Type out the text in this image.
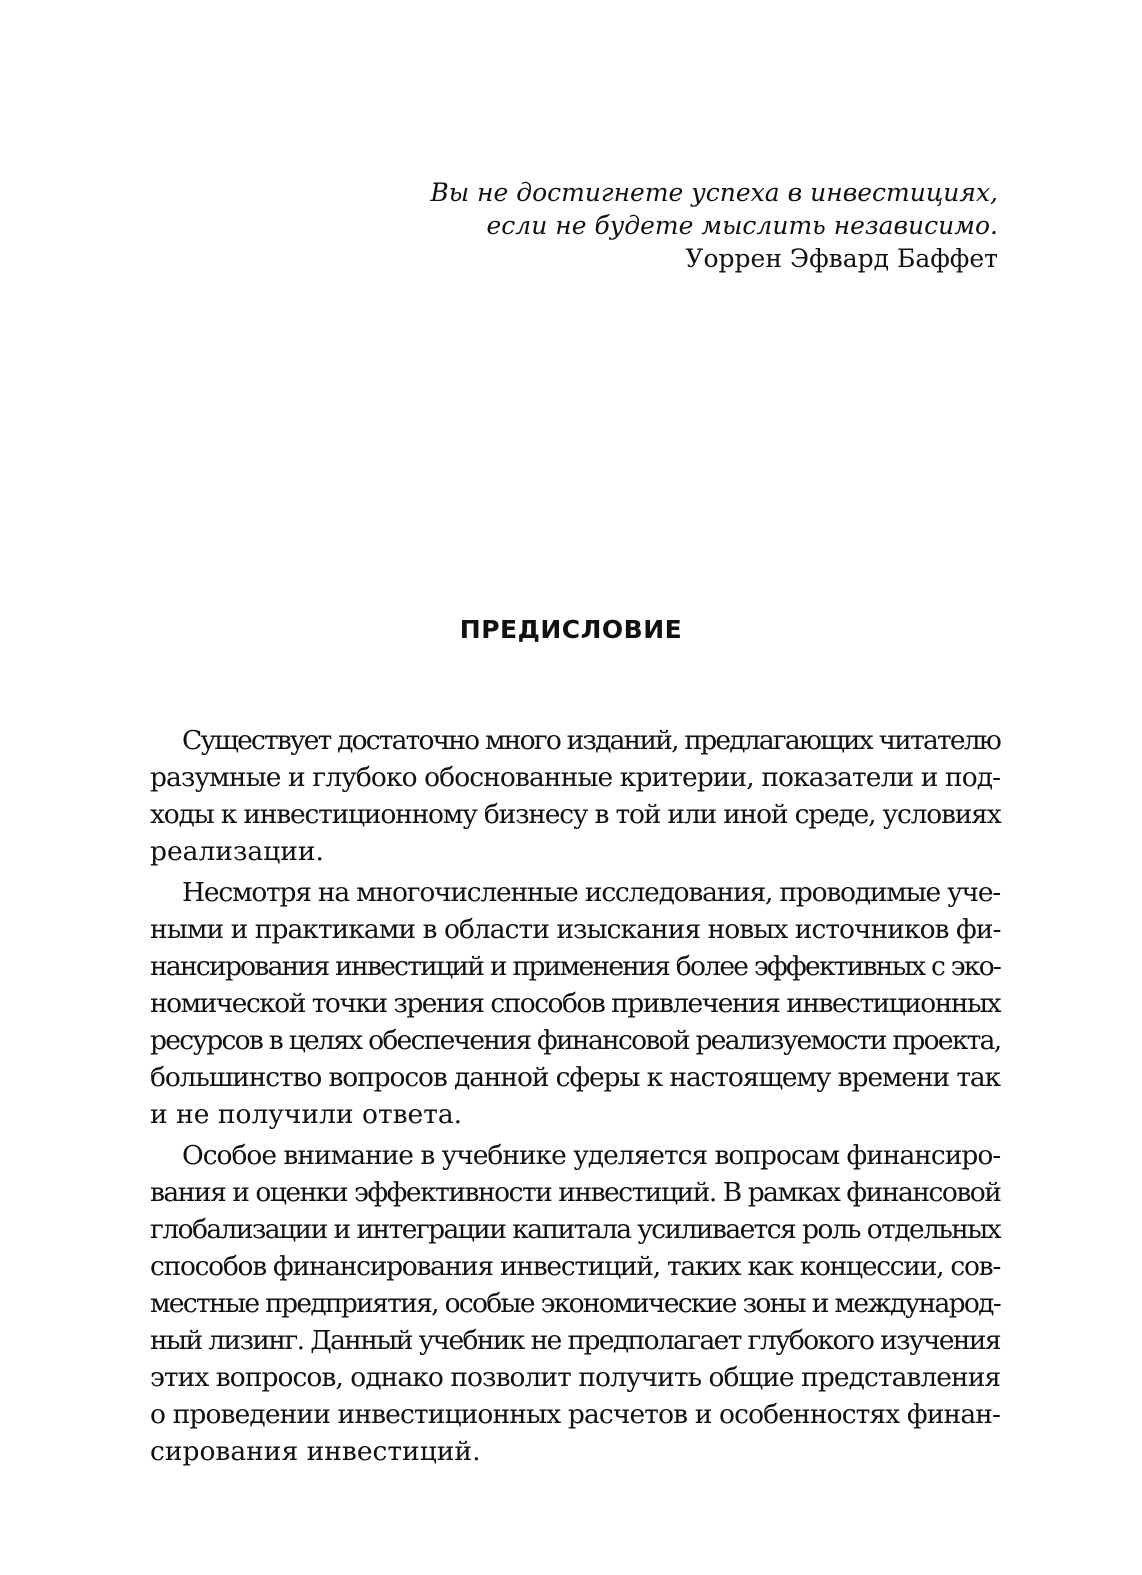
Вы не достигнете успеха в инвестициях,
если не будете мыслить независимо.
Уоррен Эфвард Баффет
ПРЕДИСЛОВИЕ
Существует достаточно много изданий, предлагающих читателю
разумные и глубоко обоснованные критерии, показатели и под-
ходы к инвестиционному бизнесу в той или иной среде, условиях
реализации.
Несмотря на многочисленные исследования, проводимые уче-
ными и практиками в области изыскания новых источников фи-
нансирования инвестиций и применения более эффективных с эко-
номической точки зрения способов привлечения инвестиционных
ресурсов в целях обеспечения финансовой реализуемости проекта,
большинство вопросов данной сферы к настоящему времени так
и не получили ответа.
Особое внимание в учебнике уделяется вопросам финансиро-
вания и оценки эффективности инвестиций. В рамках финансовой
глобализации и интеграции капитала усиливается роль отдельных
способов финансирования инвестиций, таких как концессии, сов-
местные предприятия, особые экономические зоны и международ-
ный лизинг. Данный учебник не предполагает глубокого изучения
этих вопросов, однако позволит получить общие представления
о проведении инвестиционных расчетов и особенностях финан-
сирования инвестиций.
